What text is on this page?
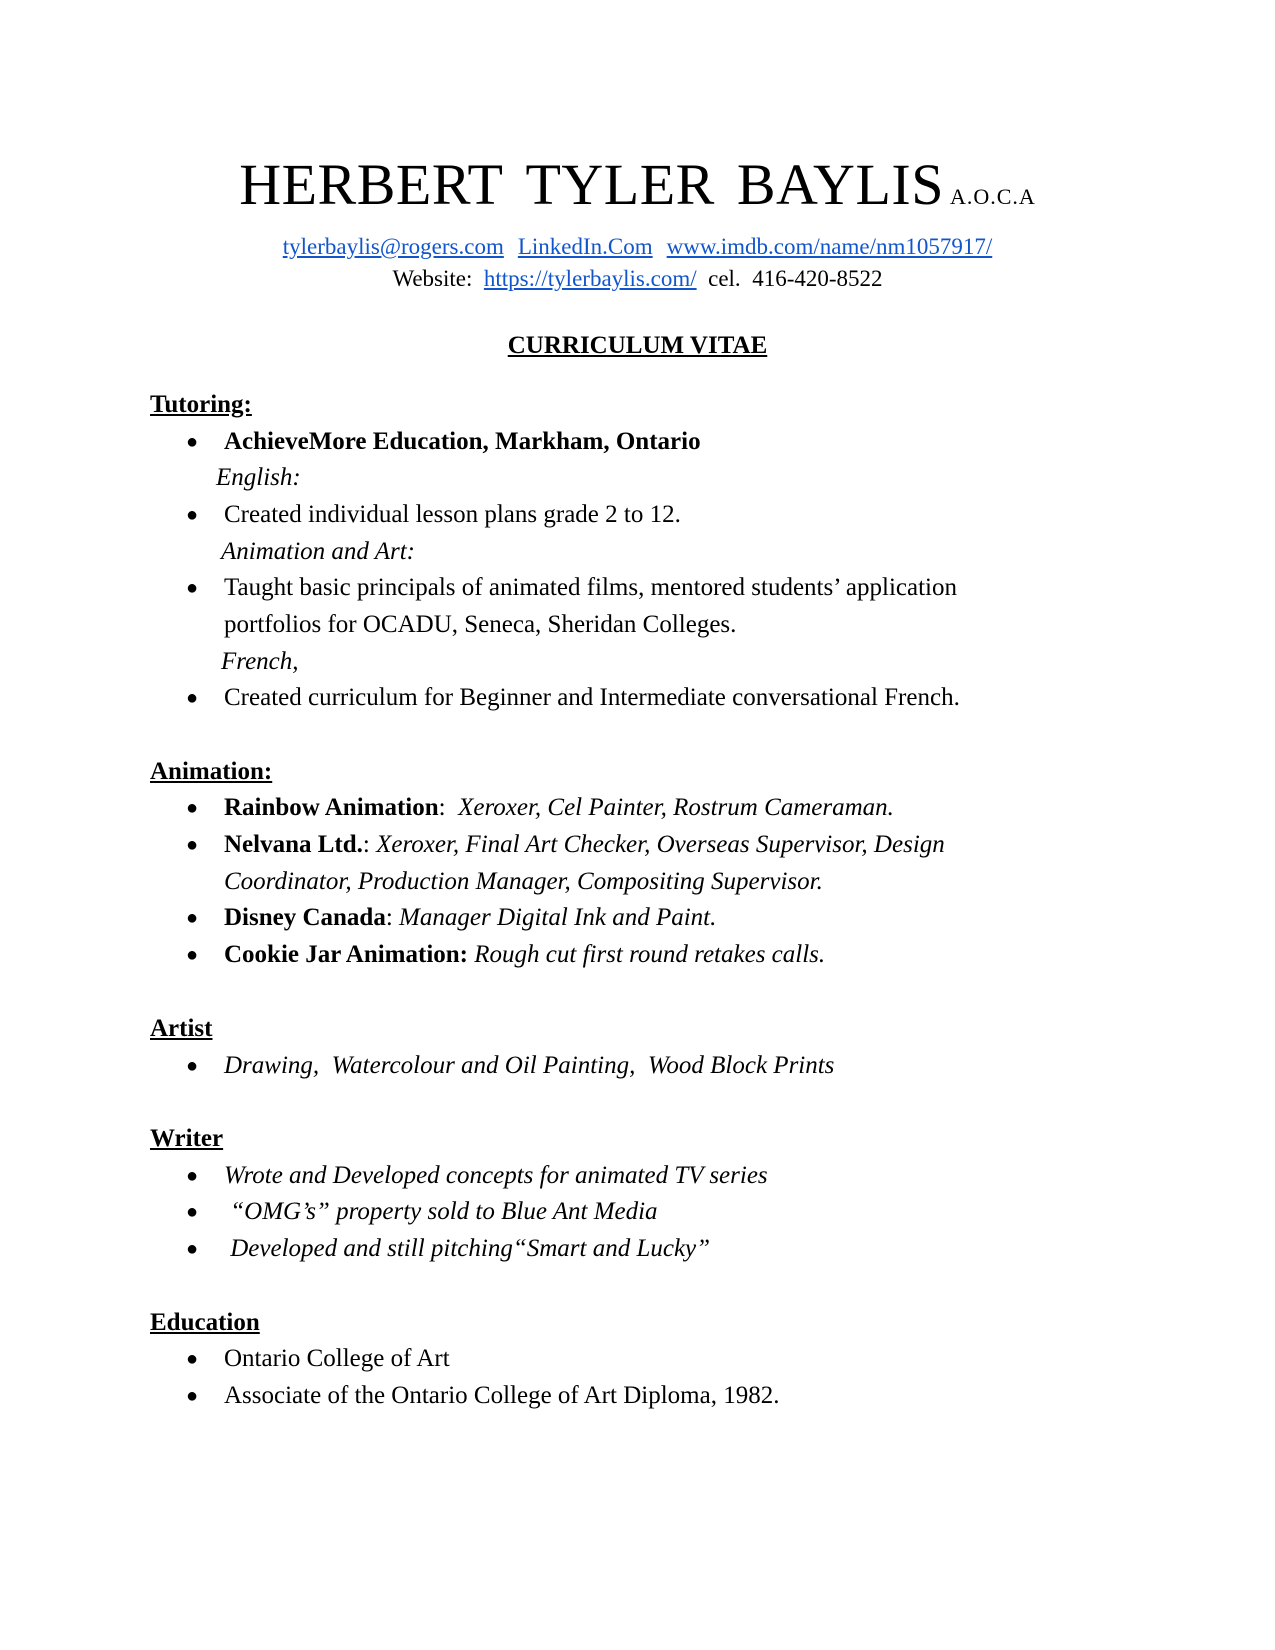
HERBERT TYLER BAYLIS A.O.C.A
tylerbaylis@rogers.com LinkedIn.Com www.imdb.com/name/nm1057917/
Website: https://tylerbaylis.com/ cel. 416-420-8522
CURRICULUM VITAE
Tutoring:
● AchieveMore Education, Markham, Ontario
English:
● Created individual lesson plans grade 2 to 12.
Animation and Art:
● Taught basic principals of animated films, mentored students’ application
portfolios for OCADU, Seneca, Sheridan Colleges.
French,
● Created curriculum for Beginner and Intermediate conversational French.
Animation:
● Rainbow Animation:  Xeroxer, Cel Painter, Rostrum Cameraman.
● Nelvana Ltd.: Xeroxer, Final Art Checker, Overseas Supervisor, Design
Coordinator, Production Manager, Compositing Supervisor.
● Disney Canada: Manager Digital Ink and Paint.
● Cookie Jar Animation: Rough cut first round retakes calls.
Artist
● Drawing,  Watercolour and Oil Painting,  Wood Block Prints
Writer
● Wrote and Developed concepts for animated TV series
● “OMG’s” property sold to Blue Ant Media
● Developed and still pitching“Smart and Lucky”
Education
● Ontario College of Art
● Associate of the Ontario College of Art Diploma, 1982.
